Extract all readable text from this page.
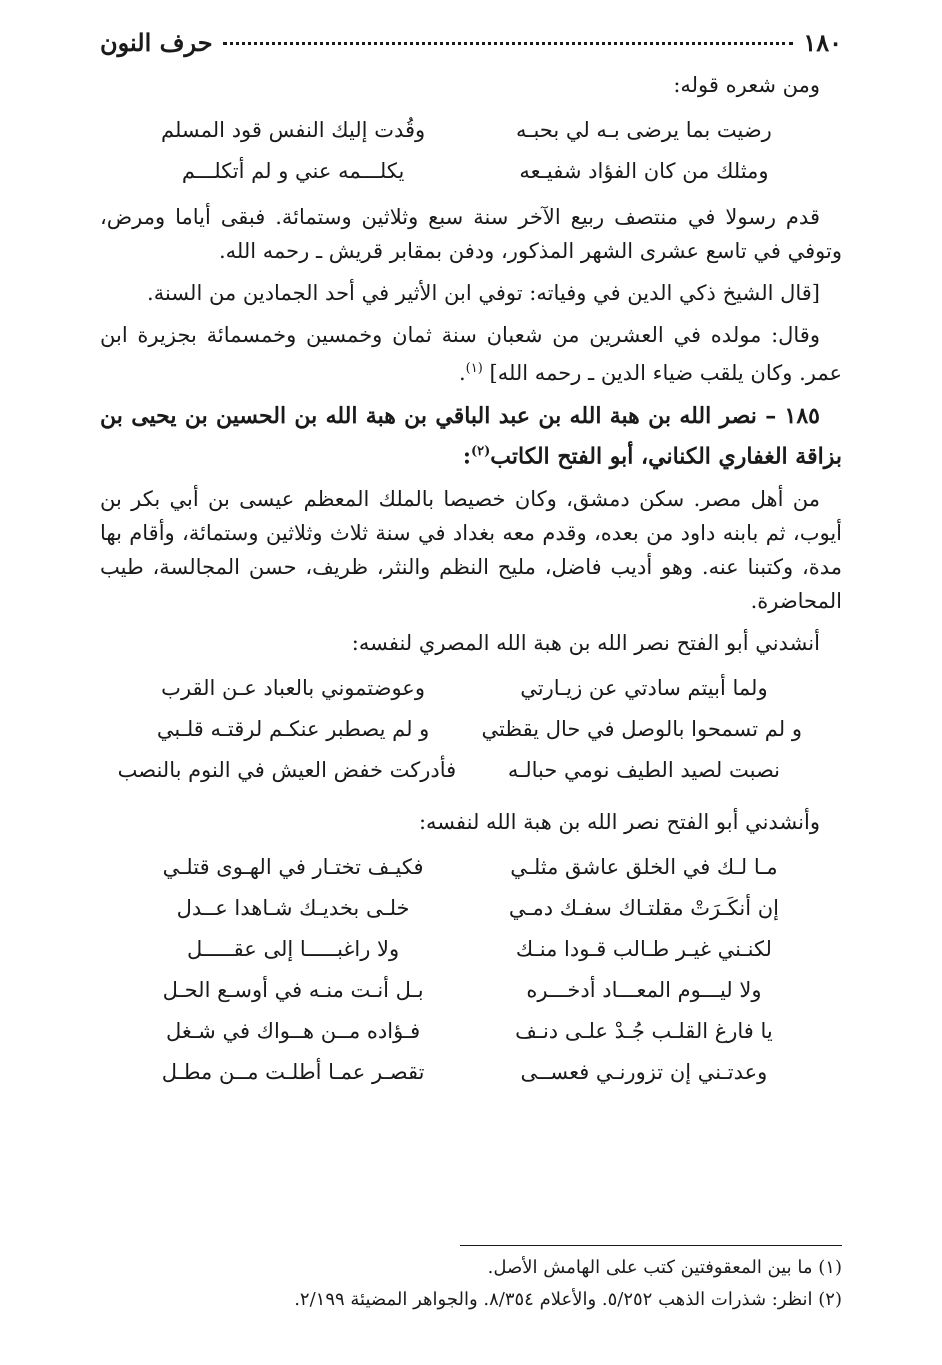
١٨٠
حرف النون

ومن شعره قوله:

رضيت بما يرضى بـه لي بحبـه
وقُدت إليك النفس قود المسلم
ومثلك من كان الفؤاد شفيـعه
يكلـــمه عني و لم أتكلـــم

قدم رسولا في منتصف ربيع الآخر سنة سبع وثلاثين وستمائة. فبقى أياما ومرض، وتوفي في تاسع عشرى الشهر المذكور، ودفن بمقابر قريش ـ رحمه الله.

[قال الشيخ ذكي الدين في وفياته: توفي ابن الأثير في أحد الجمادين من السنة.

وقال: مولده في العشرين من شعبان سنة ثمان وخمسين وخمسمائة بجزيرة ابن عمر. وكان يلقب ضياء الدين ـ رحمه الله] $^{(١)}$.

١٨٥ – نصر الله بن هبة الله بن عبد الباقي بن هبة الله بن الحسين بن يحيى بن بزاقة الغفاري الكناني، أبو الفتح الكاتب$^{(٢)}$:

من أهل مصر. سكن دمشق، وكان خصيصا بالملك المعظم عيسى بن أبي بكر بن أيوب، ثم بابنه داود من بعده، وقدم معه بغداد في سنة ثلاث وثلاثين وستمائة، وأقام بها مدة، وكتبنا عنه. وهو أديب فاضل، مليح النظم والنثر، ظريف، حسن المجالسة، طيب المحاضرة.

أنشدني أبو الفتح نصر الله بن هبة الله المصري لنفسه:

ولما أبيتم سادتي عن زيـارتي
وعوضتموني بالعباد عـن القرب
و لم تسمحوا بالوصل في حال يقظتي
و لم يصطبر عنكـم لرقتـه قلـبي
نصبت لصيد الطيف نومي حبالـه
فأدركت خفض العيش في النوم بالنصب

وأنشدني أبو الفتح نصر الله بن هبة الله لنفسه:

مـا لـك في الخلق عاشق مثلـي
فكيـف تختـار في الهـوى قتلـي
إن أنكَـرَتْ مقلتـاك سفـك دمـي
خلـى بخديـك شـاهدا عــدل
لكنـني غيـر طـالب قـودا منـك
ولا راغبـــــا إلى عقـــــل
ولا ليـــوم المعـــاد أدخـــره
بـل أنـت منـه في أوسـع الحـل
يا فارغ القلـب جُـدْ علـى دنـف
فـؤاده مــن هــواك في شـغل
وعدتـني إن تزورنـي فعســى
تقصـر عمـا أطلـت مــن مطـل

(١) ما بين المعقوفتين كتب على الهامش الأصل.

(٢) انظر: شذرات الذهب ٥/٢٥٢. والأعلام ٨/٣٥٤. والجواهر المضيئة ٢/١٩٩.
